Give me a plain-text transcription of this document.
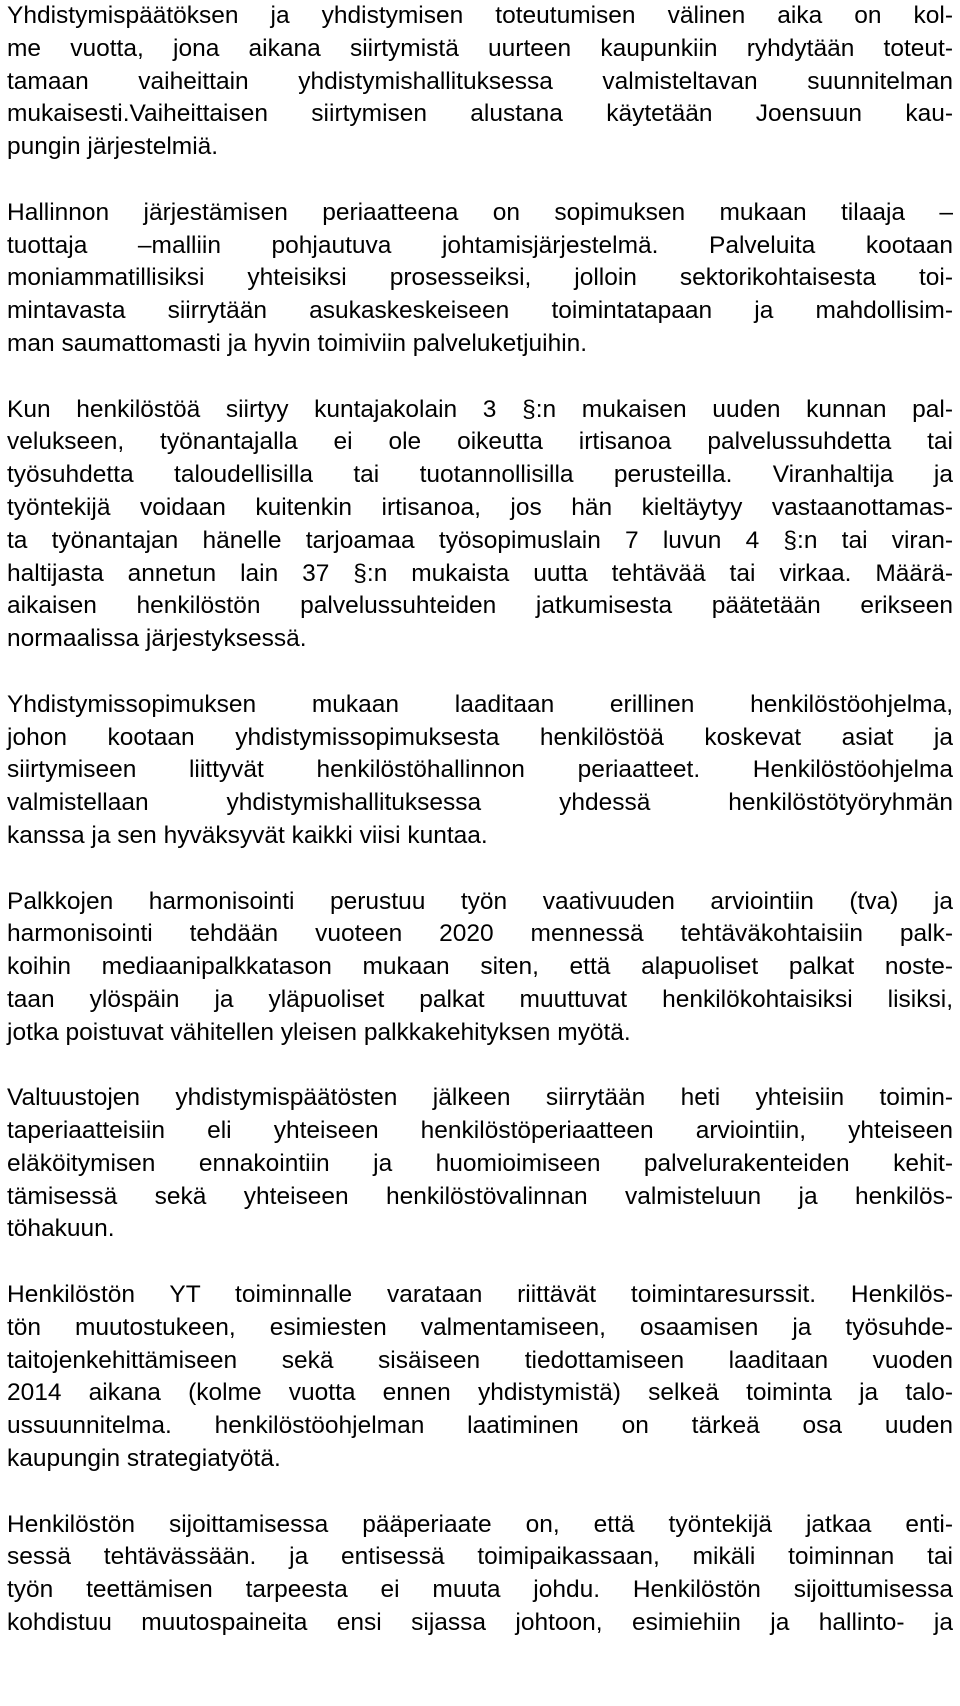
Yhdistymispäätöksen ja yhdistymisen toteutumisen välinen aika on kol-
me vuotta, jona aikana siirtymistä uurteen kaupunkiin ryhdytään toteut-
tamaan vaiheittain yhdistymishallituksessa valmisteltavan suunnitelman
mukaisesti.Vaiheittaisen siirtymisen alustana käytetään Joensuun kau-
pungin järjestelmiä.
Hallinnon järjestämisen periaatteena on sopimuksen mukaan tilaaja –
tuottaja –malliin pohjautuva johtamisjärjestelmä. Palveluita kootaan
moniammatillisiksi yhteisiksi prosesseiksi, jolloin sektorikohtaisesta toi-
mintavasta siirrytään asukaskeskeiseen toimintatapaan ja mahdollisim-
man saumattomasti ja hyvin toimiviin palveluketjuihin.
Kun henkilöstöä siirtyy kuntajakolain 3 §:n mukaisen uuden kunnan pal-
velukseen, työnantajalla ei ole oikeutta irtisanoa palvelussuhdetta tai
työsuhdetta taloudellisilla tai tuotannollisilla perusteilla. Viranhaltija ja
työntekijä voidaan kuitenkin irtisanoa, jos hän kieltäytyy vastaanottamas-
ta työnantajan hänelle tarjoamaa työsopimuslain 7 luvun 4 §:n tai viran-
haltijasta annetun lain 37 §:n mukaista uutta tehtävää tai virkaa. Määrä-
aikaisen henkilöstön palvelussuhteiden jatkumisesta päätetään erikseen
normaalissa järjestyksessä.
Yhdistymissopimuksen mukaan laaditaan erillinen henkilöstöohjelma,
johon kootaan yhdistymissopimuksesta henkilöstöä koskevat asiat ja
siirtymiseen liittyvät henkilöstöhallinnon periaatteet. Henkilöstöohjelma
valmistellaan yhdistymishallituksessa yhdessä henkilöstötyöryhmän
kanssa ja sen hyväksyvät kaikki viisi kuntaa.
Palkkojen harmonisointi perustuu työn vaativuuden arviointiin (tva) ja
harmonisointi tehdään vuoteen 2020 mennessä tehtäväkohtaisiin palk-
koihin mediaanipalkkatason mukaan siten, että alapuoliset palkat noste-
taan ylöspäin ja yläpuoliset palkat muuttuvat henkilökohtaisiksi lisiksi,
jotka poistuvat vähitellen yleisen palkkakehityksen myötä.
Valtuustojen yhdistymispäätösten jälkeen siirrytään heti yhteisiin toimin-
taperiaatteisiin eli yhteiseen henkilöstöperiaatteen arviointiin, yhteiseen
eläköitymisen ennakointiin ja huomioimiseen palvelurakenteiden kehit-
tämisessä sekä yhteiseen henkilöstövalinnan valmisteluun ja henkilös-
töhakuun.
Henkilöstön YT toiminnalle varataan riittävät toimintaresurssit. Henkilös-
tön muutostukeen, esimiesten valmentamiseen, osaamisen ja työsuhde-
taitojenkehittämiseen sekä sisäiseen tiedottamiseen laaditaan vuoden
2014 aikana (kolme vuotta ennen yhdistymistä) selkeä toiminta ja talo-
ussuunnitelma. henkilöstöohjelman laatiminen on tärkeä osa uuden
kaupungin strategiatyötä.
Henkilöstön sijoittamisessa pääperiaate on, että työntekijä jatkaa enti-
sessä tehtävässään. ja entisessä toimipaikassaan, mikäli toiminnan tai
työn teettämisen tarpeesta ei muuta johdu. Henkilöstön sijoittumisessa
kohdistuu muutospaineita ensi sijassa johtoon, esimiehiin ja hallinto- ja
